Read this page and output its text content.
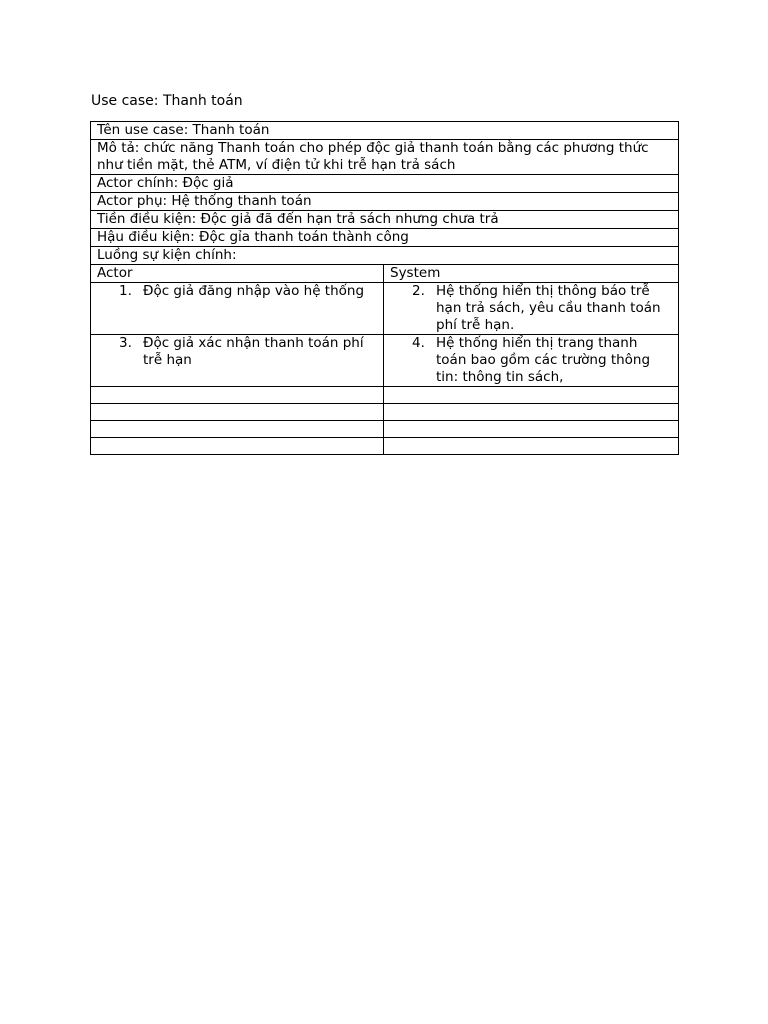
Use case: Thanh toán
Tên use case: Thanh toán	
Mô tả: chức năng Thanh toán cho phép độc giả thanh toán bằng các phương thức như tiền mặt, thẻ ATM, ví điện tử khi trễ hạn trả sách	
Actor chính: Độc giả	
Actor phụ: Hệ thống thanh toán	
Tiền điều kiện: Độc giả đã đến hạn trả sách nhưng chưa trả	
Hậu điều kiện: Độc gỉa thanh toán thành công	
Luồng sự kiện chính:	
Actor	System

1. Độc giả đăng nhập vào hệ thống	2. Hệ thống hiển thị thông báo trễ hạn trả sách, yêu cầu thanh toán phí trễ hạn.

3. Độc giả xác nhận thanh toán phí trễ hạn	4. Hệ thống hiển thị trang thanh toán bao gồm các trường thông tin: thông tin sách,
